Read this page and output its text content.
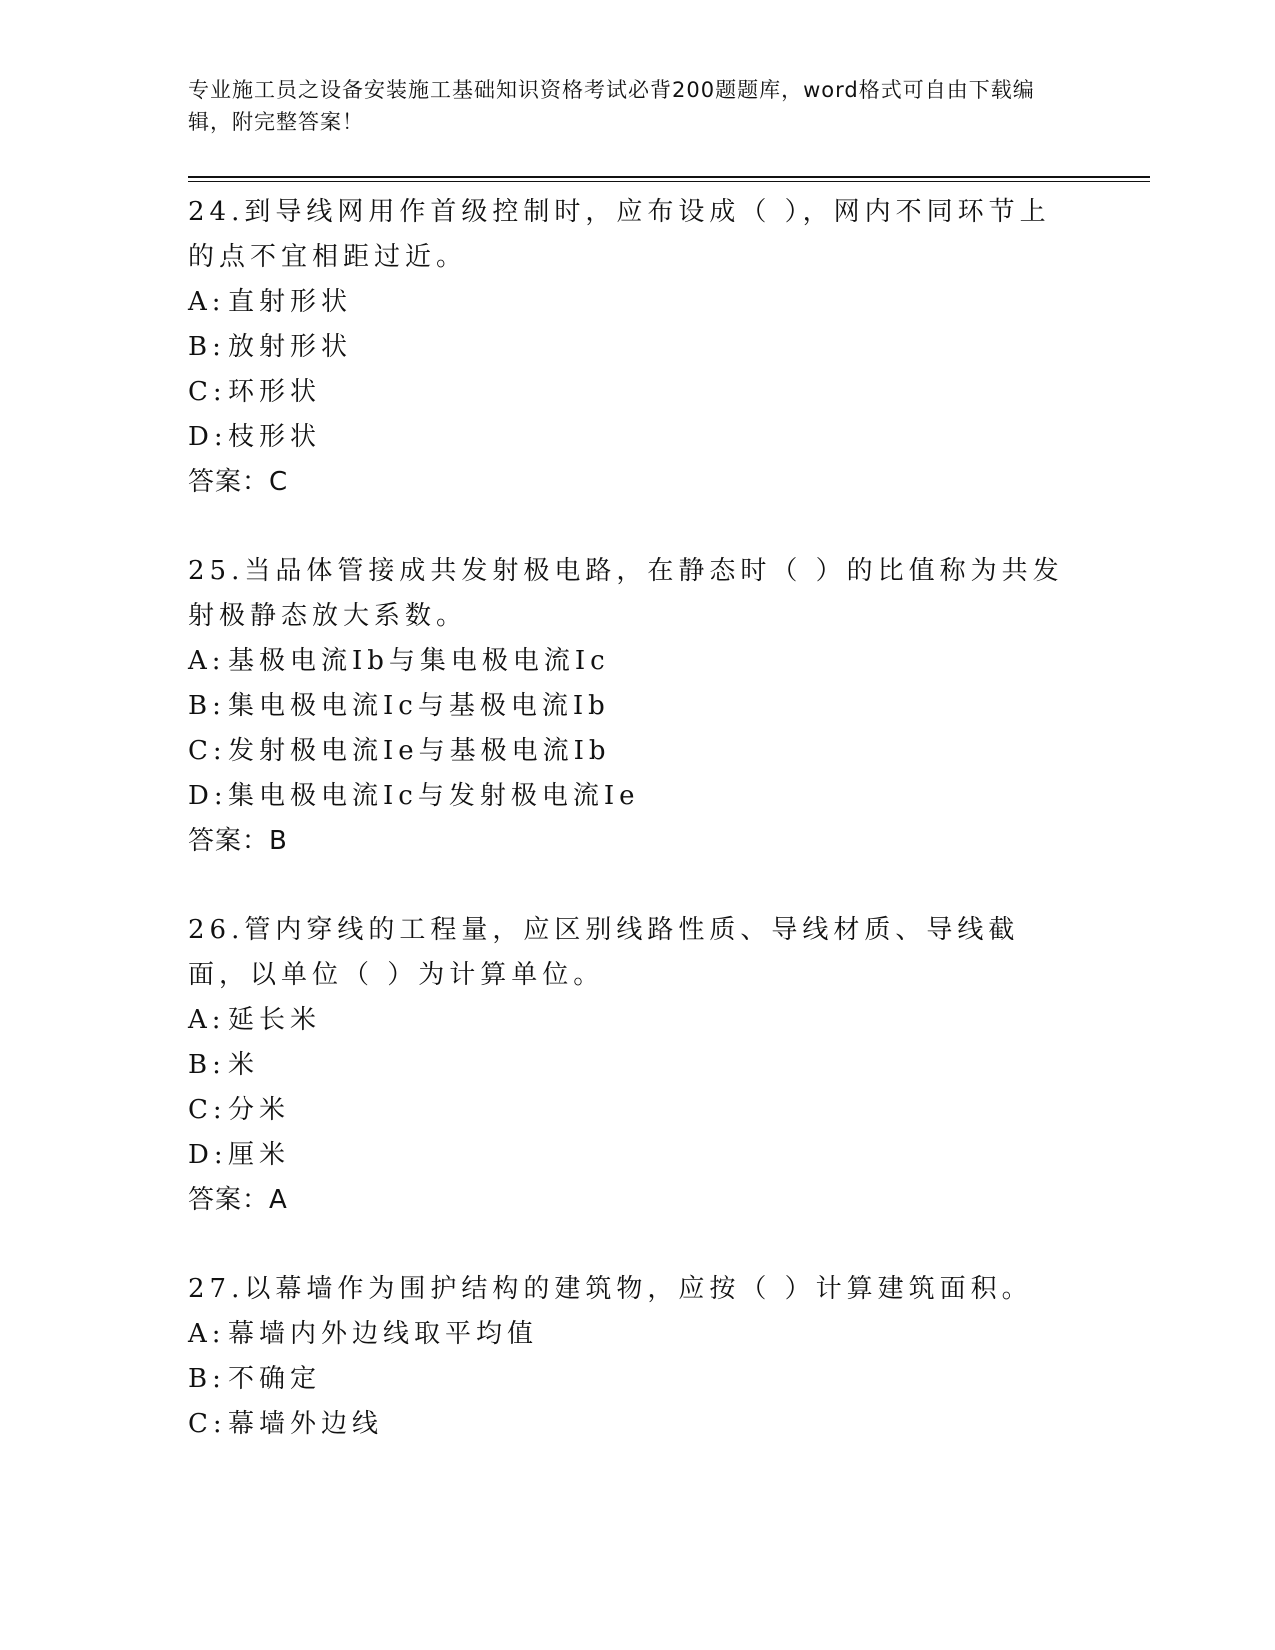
专业施工员之设备安装施工基础知识资格考试必背200题题库，word格式可自由下载编辑，附完整答案！

24.到导线网用作首级控制时，应布设成（ ），网内不同环节上的点不宜相距过近。

A:直射形状

B:放射形状

C:环形状

D:枝形状

答案：C

25.当品体管接成共发射极电路，在静态时（ ）的比值称为共发射极静态放大系数。

A:基极电流Ib与集电极电流Ic

B:集电极电流Ic与基极电流Ib

C:发射极电流Ie与基极电流Ib

D:集电极电流Ic与发射极电流Ie

答案：B

26.管内穿线的工程量，应区别线路性质、导线材质、导线截面，以单位（ ）为计算单位。

A:延长米

B:米

C:分米

D:厘米

答案：A

27.以幕墙作为围护结构的建筑物，应按（ ）计算建筑面积。

A:幕墙内外边线取平均值

B:不确定

C:幕墙外边线
